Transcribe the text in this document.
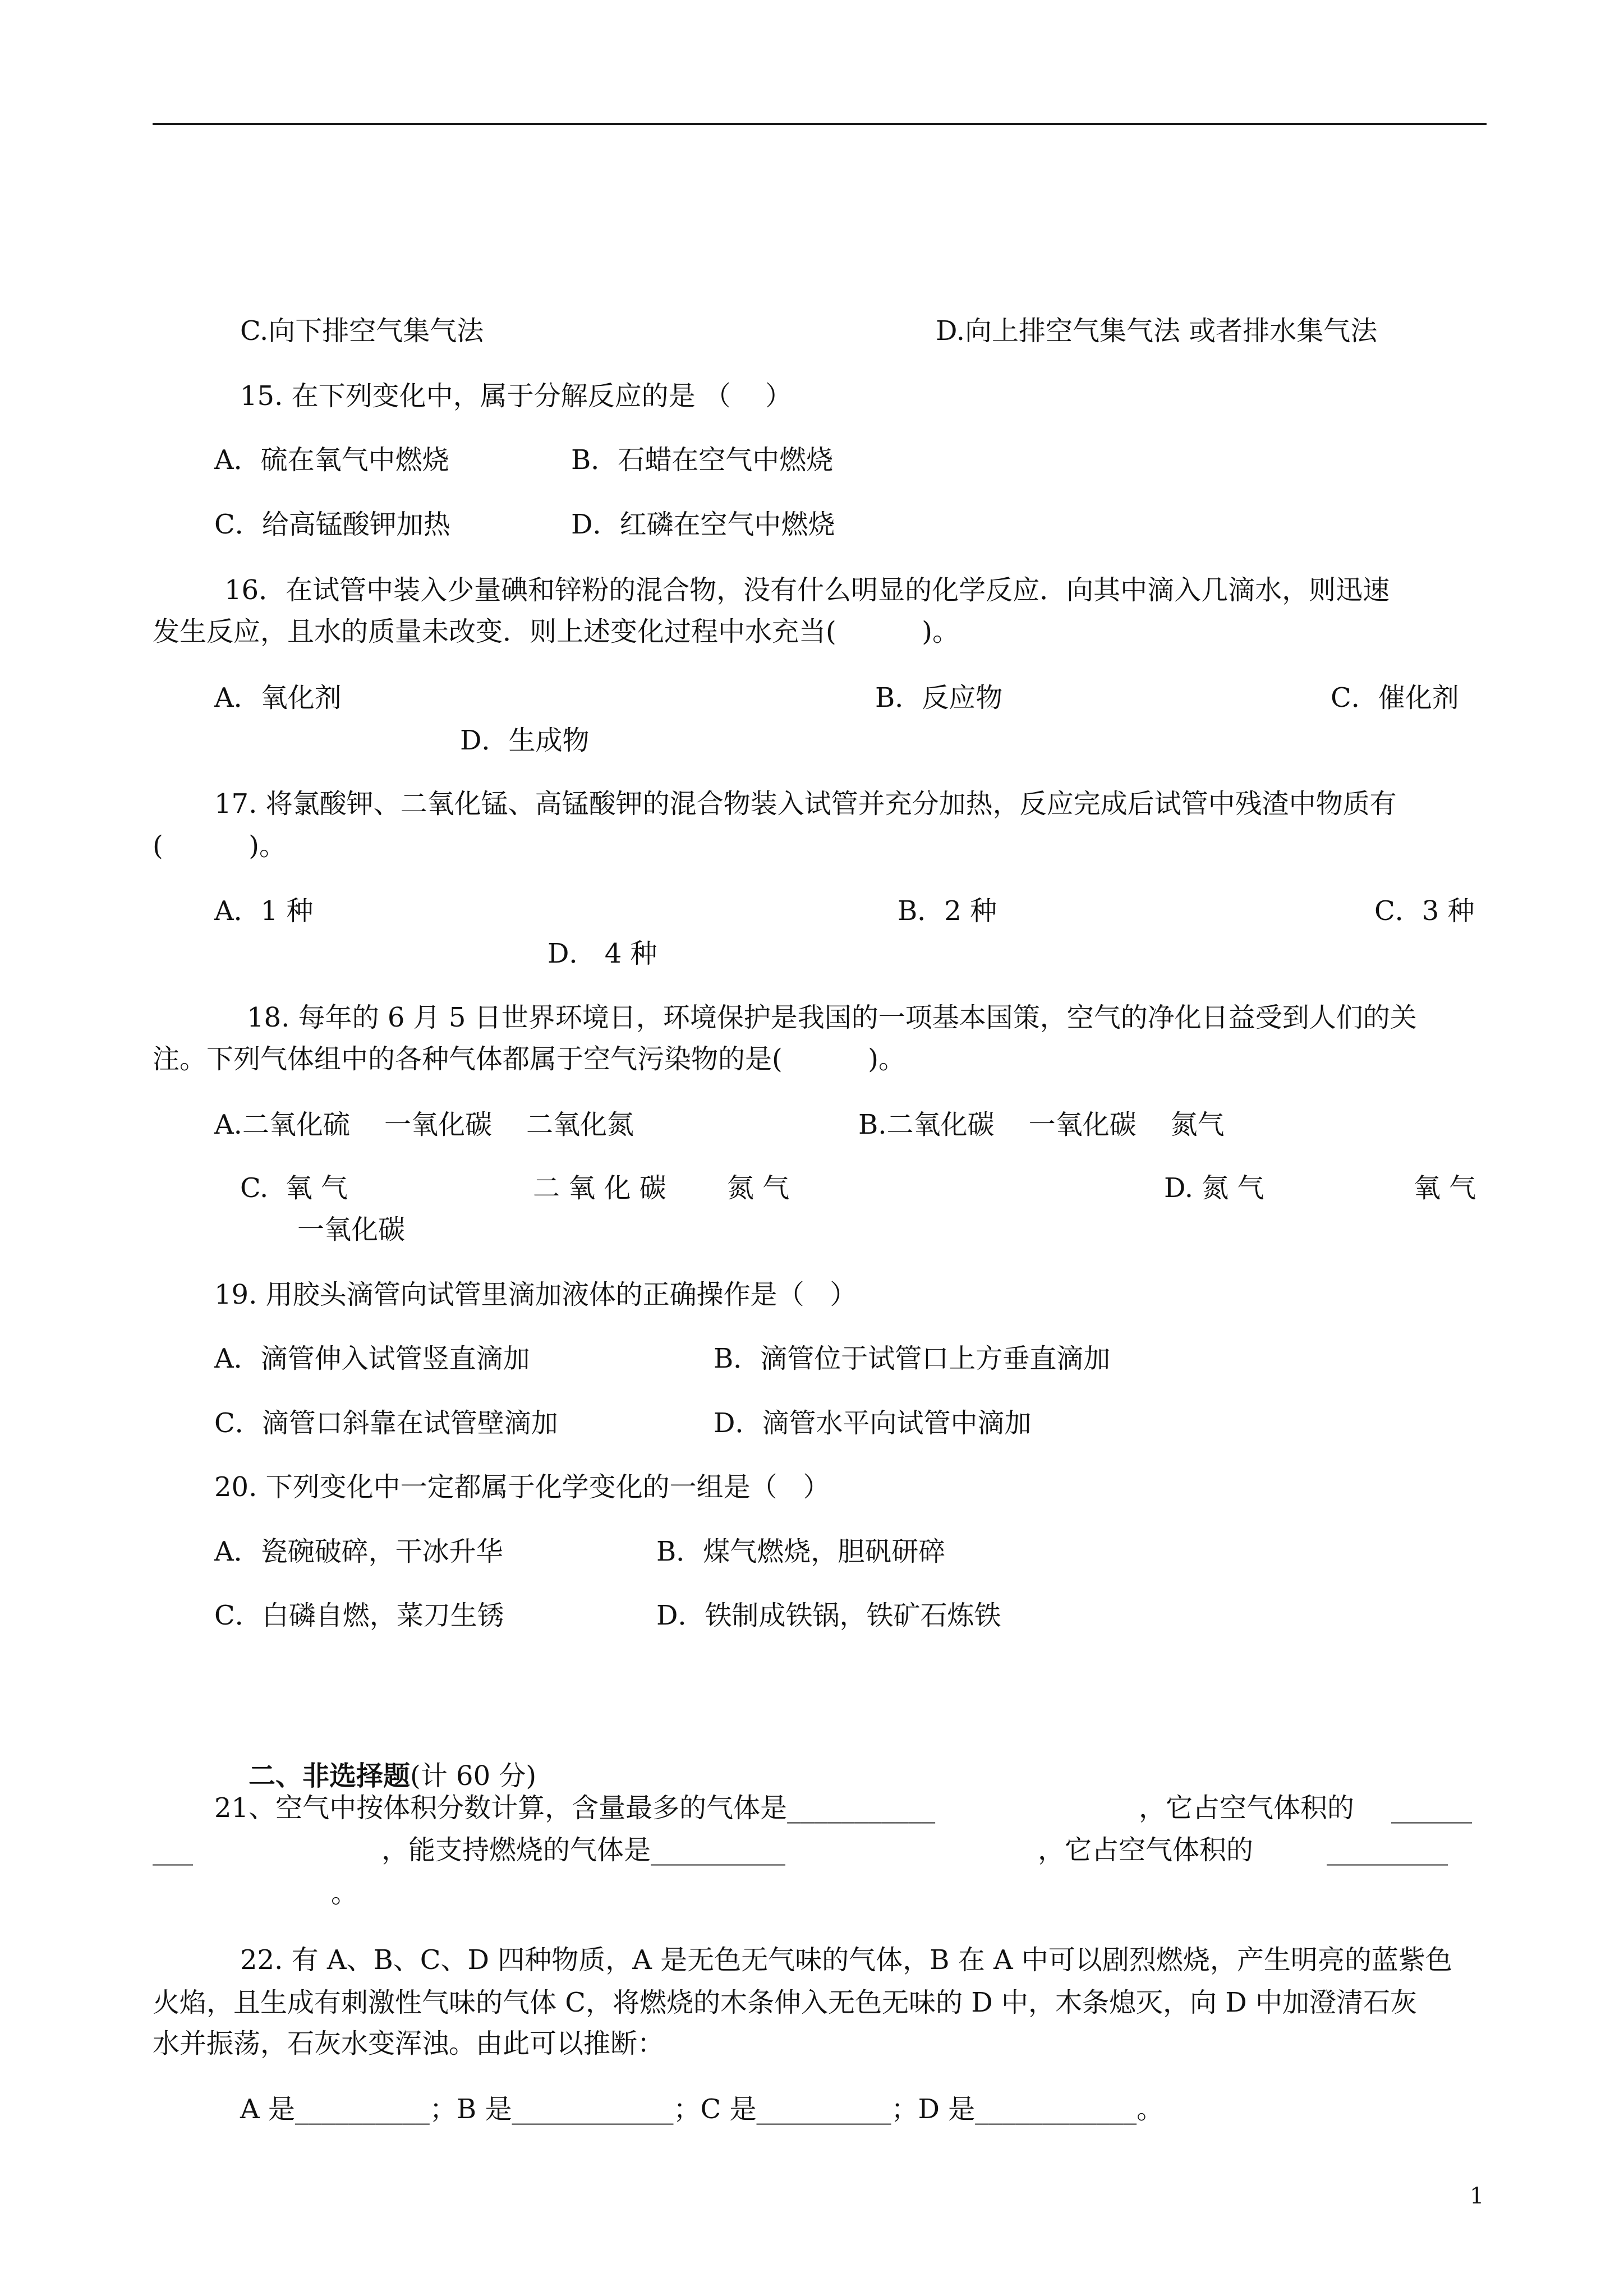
C.向下排空气集气法	D.向上排空气集气法 或者排水集气法
15. 在下列变化中，属于分解反应的是 （    ）
A．硫在氧气中燃烧	B．石蜡在空气中燃烧
C．给高锰酸钾加热	D．红磷在空气中燃烧
16．在试管中装入少量碘和锌粉的混合物，没有什么明显的化学反应．向其中滴入几滴水，则迅速
发生反应，且水的质量未改变．则上述变化过程中水充当(          )。
A．氧化剂	B．反应物	C．催化剂
D．生成物
17. 将氯酸钾、二氧化锰、高锰酸钾的混合物装入试管并充分加热，反应完成后试管中残渣中物质有
(          )。
A．1 种	B．2 种	C．3 种
D． 4 种
18. 每年的 6 月 5 日世界环境日，环境保护是我国的一项基本国策，空气的净化日益受到人们的关
注。下列气体组中的各种气体都属于空气污染物的是(          )。
A.二氧化硫    一氧化碳    二氧化氮	B.二氧化碳    一氧化碳    氮气
C.  氧 气	二 氧 化 碳 氮 气	D. 氮 气	氧 气
一氧化碳
19. 用胶头滴管向试管里滴加液体的正确操作是（   ）
A．滴管伸入试管竖直滴加	B．滴管位于试管口上方垂直滴加
C．滴管口斜靠在试管壁滴加	D．滴管水平向试管中滴加
20. 下列变化中一定都属于化学变化的一组是（   ）
A．瓷碗破碎，干冰升华	B．煤气燃烧，胆矾研碎
C．白磷自燃，菜刀生锈	D．铁制成铁锅，铁矿石炼铁

二、非选择题(计 60 分)

21、空气中按体积分数计算，含量最多的气体是___________	，它占空气体积的 ______
___	，能支持燃烧的气体是__________	，它占空气体积的	_________
。
22. 有 A、B、C、D 四种物质，A 是无色无气味的气体，B 在 A 中可以剧烈燃烧，产生明亮的蓝紫色
火焰，且生成有刺激性气味的气体 C，将燃烧的木条伸入无色无味的 D 中，木条熄灭，向 D 中加澄清石灰
水并振荡，石灰水变浑浊。由此可以推断：
A 是__________；B 是____________；C 是__________；D 是____________。
1
